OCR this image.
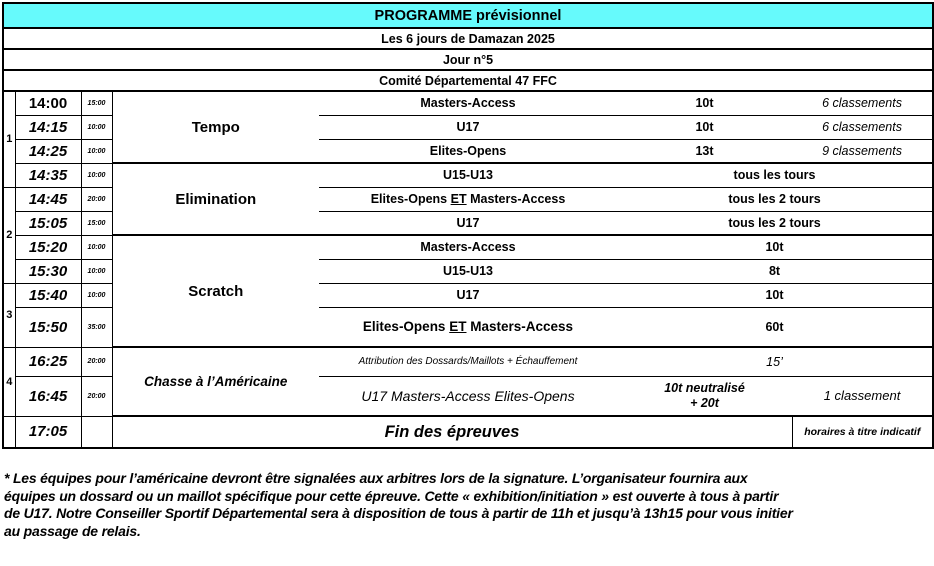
PROGRAMME prévisionnel						
Les 6 jours de Damazan 2025						
Jour n°5						
Comité Départemental 47 FFC						
1	14:00	15:00	Tempo	Masters-Access	10t	6 classements
	14:15	10:00		U17	10t	6 classements
	14:25	10:00		Elites-Opens	13t	9 classements
	14:35	10:00	Elimination	U15-U13	tous les tours	
2	14:45	20:00		Elites-Opens ET Masters-Access	tous les 2 tours	
	15:05	15:00		U17	tous les 2 tours	
	15:20	10:00	Scratch	Masters-Access	10t	
	15:30	10:00		U15-U13	8t	
3	15:40	10:00		U17	10t	
	15:50	35:00		Elites-Opens ET Masters-Access	60t	
4	16:25	20:00	Chasse à l’Américaine	Attribution des Dossards/Maillots + Échauffement	15’	
	16:45	20:00		U17 Masters-Access Elites-Opens	10t neutralisé
+ 20t	1 classement
	17:05		Fin des épreuves			horaires à titre indicatif
* Les équipes pour l’américaine devront être signalées aux arbitres lors de la signature. L’organisateur fournira aux
équipes un dossard ou un maillot spécifique pour cette épreuve. Cette « exhibition/initiation » est ouverte à tous à partir
de U17. Notre Conseiller Sportif Départemental sera à disposition de tous à partir de 11h et jusqu’à 13h15 pour vous initier
au passage de relais.
